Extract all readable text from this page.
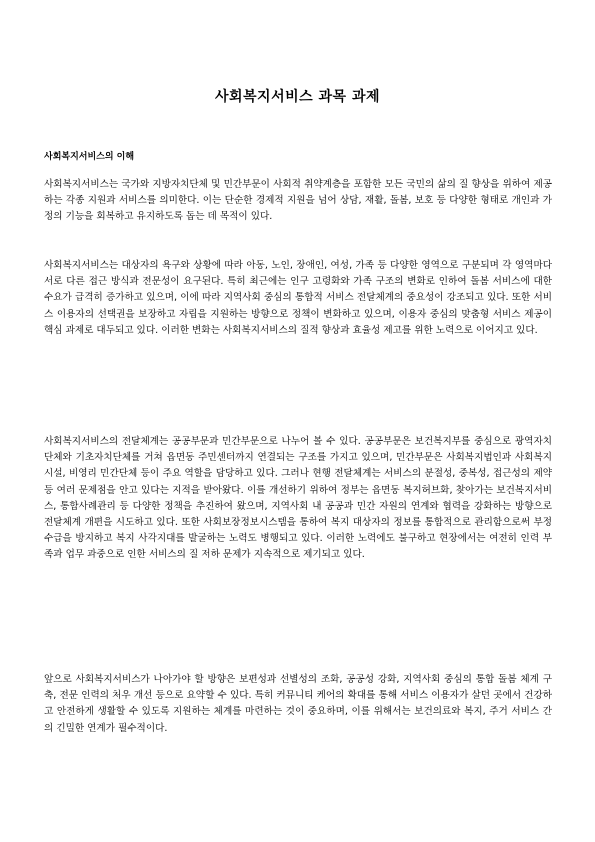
사회복지서비스 과목 과제
사회복지서비스의 이해

사회복지서비스는 국가와 지방자치단체 및 민간부문이 사회적 취약계층을 포함한 모든 국민의 삶의 질 향상을 위하여 제공하는 각종 지원과 서비스를 의미한다. 이는 단순한 경제적 지원을 넘어 상담, 재활, 돌봄, 보호 등 다양한 형태로 개인과 가정의 기능을 회복하고 유지하도록 돕는 데 목적이 있다.

사회복지서비스는 대상자의 욕구와 상황에 따라 아동, 노인, 장애인, 여성, 가족 등 다양한 영역으로 구분되며 각 영역마다 서로 다른 접근 방식과 전문성이 요구된다. 특히 최근에는 인구 고령화와 가족 구조의 변화로 인하여 돌봄 서비스에 대한 수요가 급격히 증가하고 있으며, 이에 따라 지역사회 중심의 통합적 서비스 전달체계의 중요성이 강조되고 있다. 또한 서비스 이용자의 선택권을 보장하고 자립을 지원하는 방향으로 정책이 변화하고 있으며, 이용자 중심의 맞춤형 서비스 제공이 핵심 과제로 대두되고 있다. 이러한 변화는 사회복지서비스의 질적 향상과 효율성 제고를 위한 노력으로 이어지고 있다.

사회복지서비스의 전달체계는 공공부문과 민간부문으로 나누어 볼 수 있다. 공공부문은 보건복지부를 중심으로 광역자치단체와 기초자치단체를 거쳐 읍면동 주민센터까지 연결되는 구조를 가지고 있으며, 민간부문은 사회복지법인과 사회복지시설, 비영리 민간단체 등이 주요 역할을 담당하고 있다. 그러나 현행 전달체계는 서비스의 분절성, 중복성, 접근성의 제약 등 여러 문제점을 안고 있다는 지적을 받아왔다. 이를 개선하기 위하여 정부는 읍면동 복지허브화, 찾아가는 보건복지서비스, 통합사례관리 등 다양한 정책을 추진하여 왔으며, 지역사회 내 공공과 민간 자원의 연계와 협력을 강화하는 방향으로 전달체계 개편을 시도하고 있다. 또한 사회보장정보시스템을 통하여 복지 대상자의 정보를 통합적으로 관리함으로써 부정수급을 방지하고 복지 사각지대를 발굴하는 노력도 병행되고 있다. 이러한 노력에도 불구하고 현장에서는 여전히 인력 부족과 업무 과중으로 인한 서비스의 질 저하 문제가 지속적으로 제기되고 있다.

앞으로 사회복지서비스가 나아가야 할 방향은 보편성과 선별성의 조화, 공공성 강화, 지역사회 중심의 통합 돌봄 체계 구축, 전문 인력의 처우 개선 등으로 요약할 수 있다. 특히 커뮤니티 케어의 확대를 통해 서비스 이용자가 살던 곳에서 건강하고 안전하게 생활할 수 있도록 지원하는 체계를 마련하는 것이 중요하며, 이를 위해서는 보건의료와 복지, 주거 서비스 간의 긴밀한 연계가 필수적이다.
